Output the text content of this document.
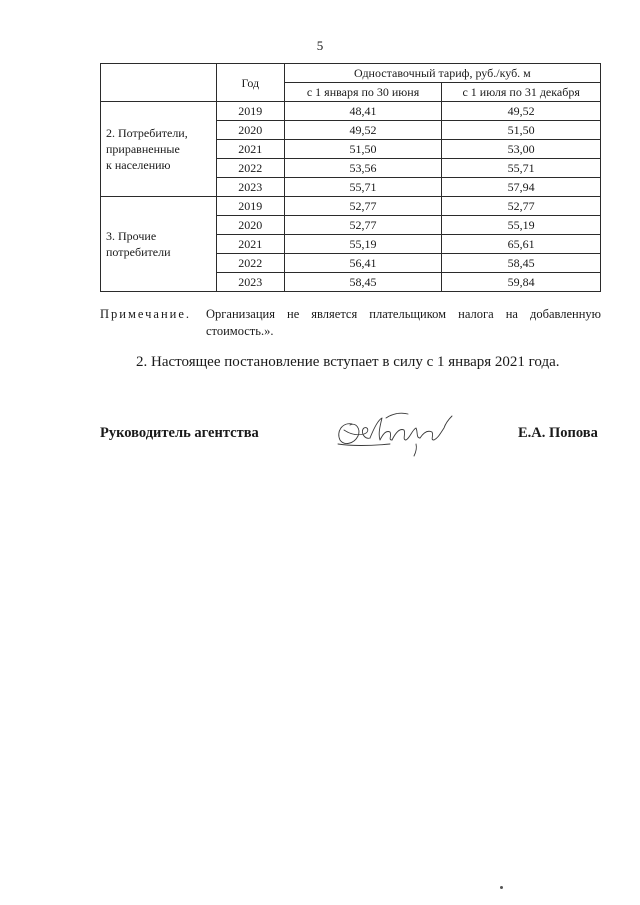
5
	Год	Одноставочный тариф, руб./куб. м	
		с 1 января по 30 июня	с 1 июля по 31 декабря

2. Потребители,
приравненные
к населению	2019	48,41	49,52
	2020	49,52	51,50
	2021	51,50	53,00
	2022	53,56	55,71
	2023	55,71	57,94

3. Прочие
потребители	2019	52,77	52,77
	2020	52,77	55,19
	2021	55,19	65,61
	2022	56,41	58,45
	2023	58,45	59,84
Примечание. Организация не является плательщиком налога на добавленную стоимость.».
2. Настоящее постановление вступает в силу с 1 января 2021 года.
Руководитель агентства	Е.А. Попова
